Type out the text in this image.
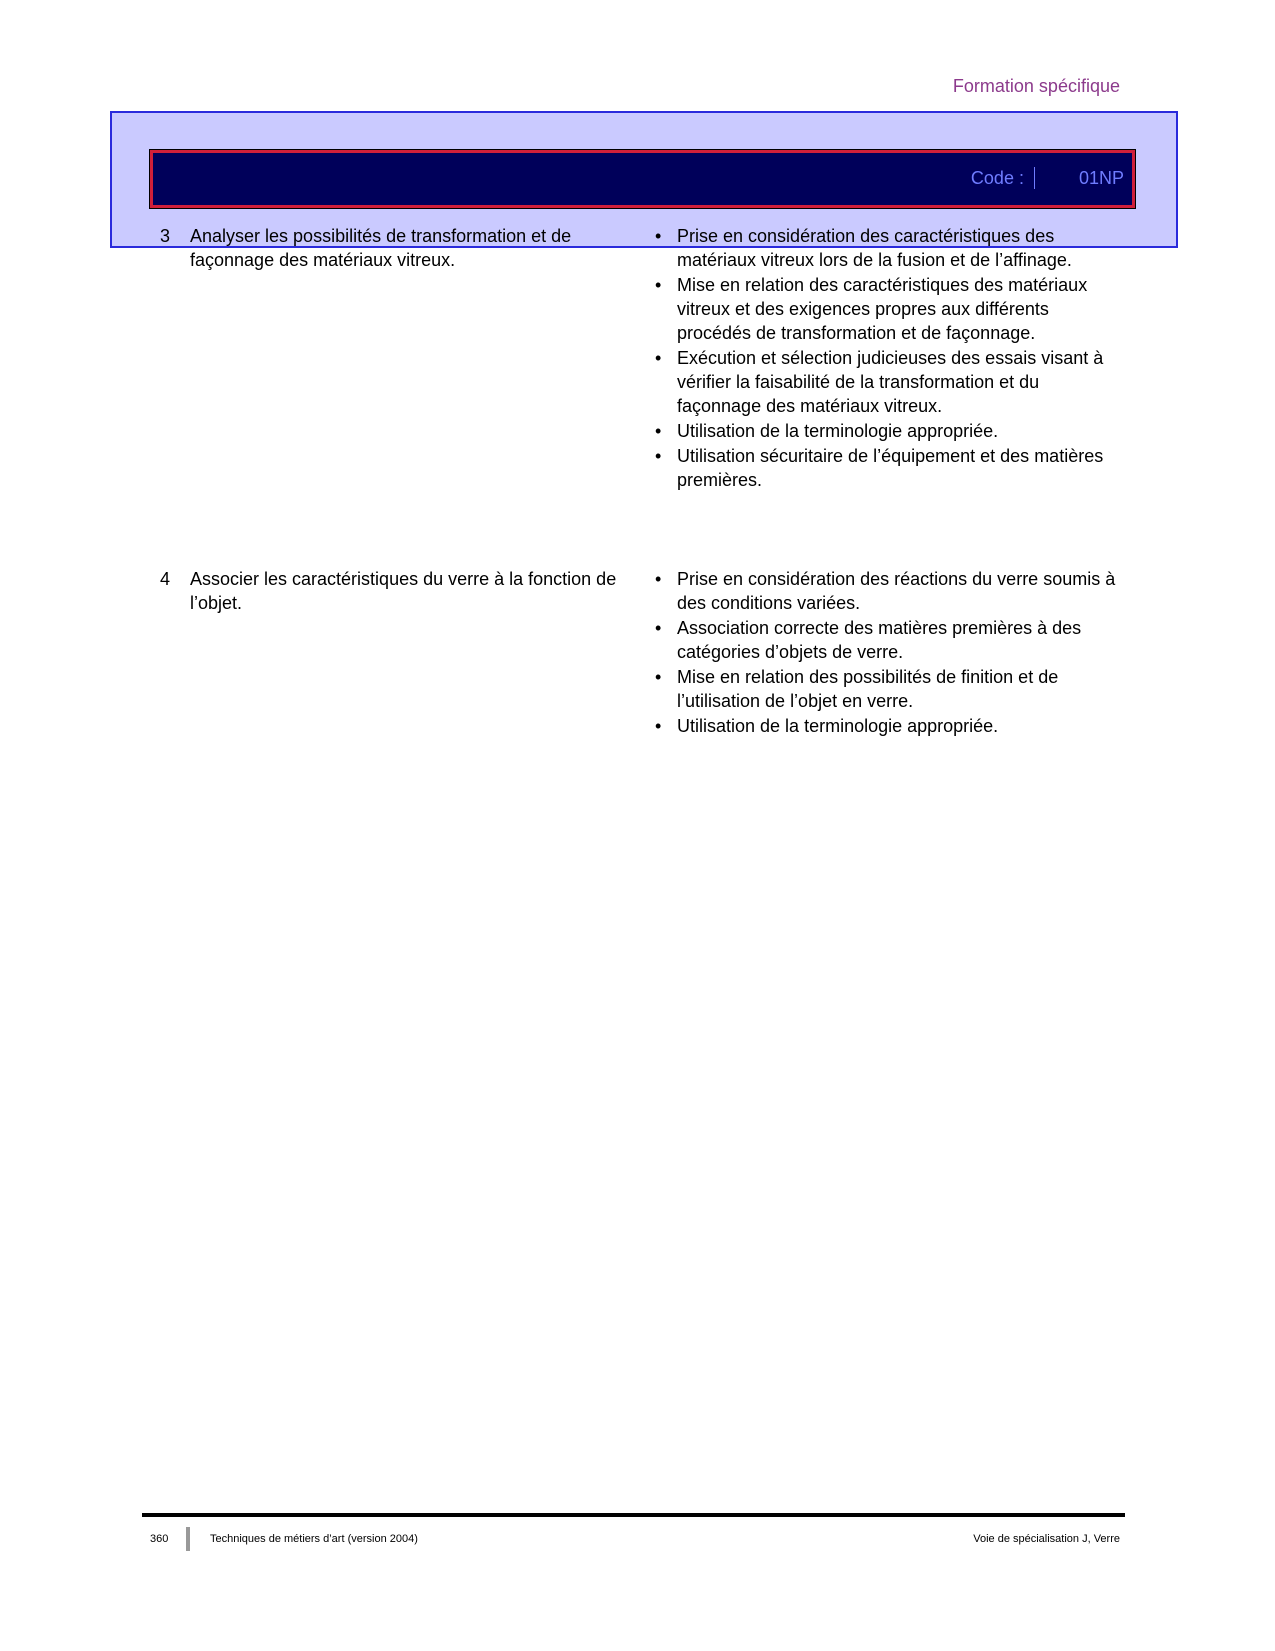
Formation spécifique
Code :	01NP
3	Analyser les possibilités de transformation et de façonnage des matériaux vitreux.
• Prise en considération des caractéristiques des matériaux vitreux lors de la fusion et de l’affinage.
• Mise en relation des caractéristiques des matériaux vitreux et des exigences propres aux différents procédés de transformation et de façonnage.
• Exécution et sélection judicieuses des essais visant à vérifier la faisabilité de la transformation et du façonnage des matériaux vitreux.
• Utilisation de la terminologie appropriée.
• Utilisation sécuritaire de l’équipement et des matières premières.
4	Associer les caractéristiques du verre à la fonction de l’objet.
• Prise en considération des réactions du verre soumis à des conditions variées.
• Association correcte des matières premières à des catégories d’objets de verre.
• Mise en relation des possibilités de finition et de l’utilisation de l’objet en verre.
• Utilisation de la terminologie appropriée.
360	Techniques de métiers d’art (version 2004)	Voie de spécialisation J, Verre
